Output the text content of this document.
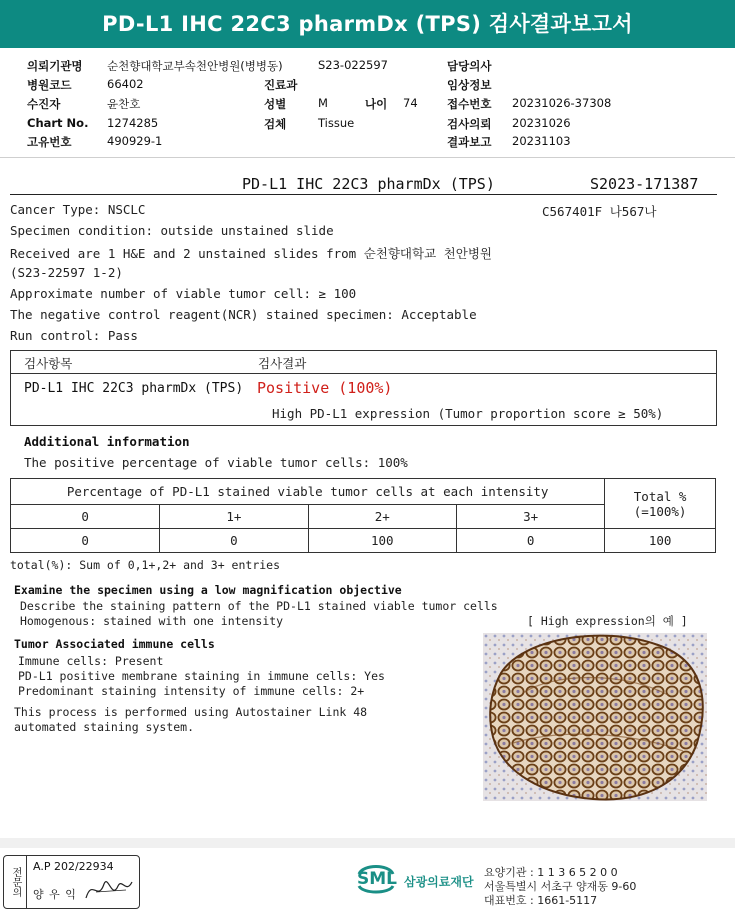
PD-L1 IHC 22C3 pharmDx (TPS) 검사결과보고서
의뢰기관명 순천향대학교부속천안병원(병병동)	S23-022597	담당의사
병원코드	66402	진료과	임상정보
수진자	윤찬호	성별	M	나이 74	접수번호 20231026-37308
Chart No. 1274285	검체	Tissue	검사의뢰 20231026
고유번호	490929-1	결과보고 20231103
PD-L1 IHC 22C3 pharmDx (TPS)	S2023-171387
Cancer Type: NSCLC	C567401F 나567나
Specimen condition: outside unstained slide
Received are 1 H&E and 2 unstained slides from 순천향대학교 천안병원
(S23-22597 1-2)
Approximate number of viable tumor cell: ≥ 100
The negative control reagent(NCR) stained specimen: Acceptable
Run control: Pass
검사항목	검사결과
PD-L1 IHC 22C3 pharmDx (TPS) Positive (100%)
High PD-L1 expression (Tumor proportion score ≥ 50%)
Additional information
The positive percentage of viable tumor cells: 100%
Percentage of PD-L1 stained viable tumor cells at each intensity				Total %
(=100%)

0	1+	2+	3+	
0	0	100	0	100
total(%): Sum of 0,1+,2+ and 3+ entries
Examine the specimen using a low magnification objective
Describe the staining pattern of the PD-L1 stained viable tumor cells
Homogenous: stained with one intensity	[ High expression의 예 ]
Tumor Associated immune cells
Immune cells: Present
PD-L1 positive membrane staining in immune cells: Yes
Predominant staining intensity of immune cells: 2+
This process is performed using Autostainer Link 48
automated staining system.
전문의
A.P 202/22934
양 우 익
SML 삼광의료재단
요양기관 : 1 1 3 6 5 2 0 0
서울특별시 서초구 양재동 9-60
대표번호 : 1661-5117
